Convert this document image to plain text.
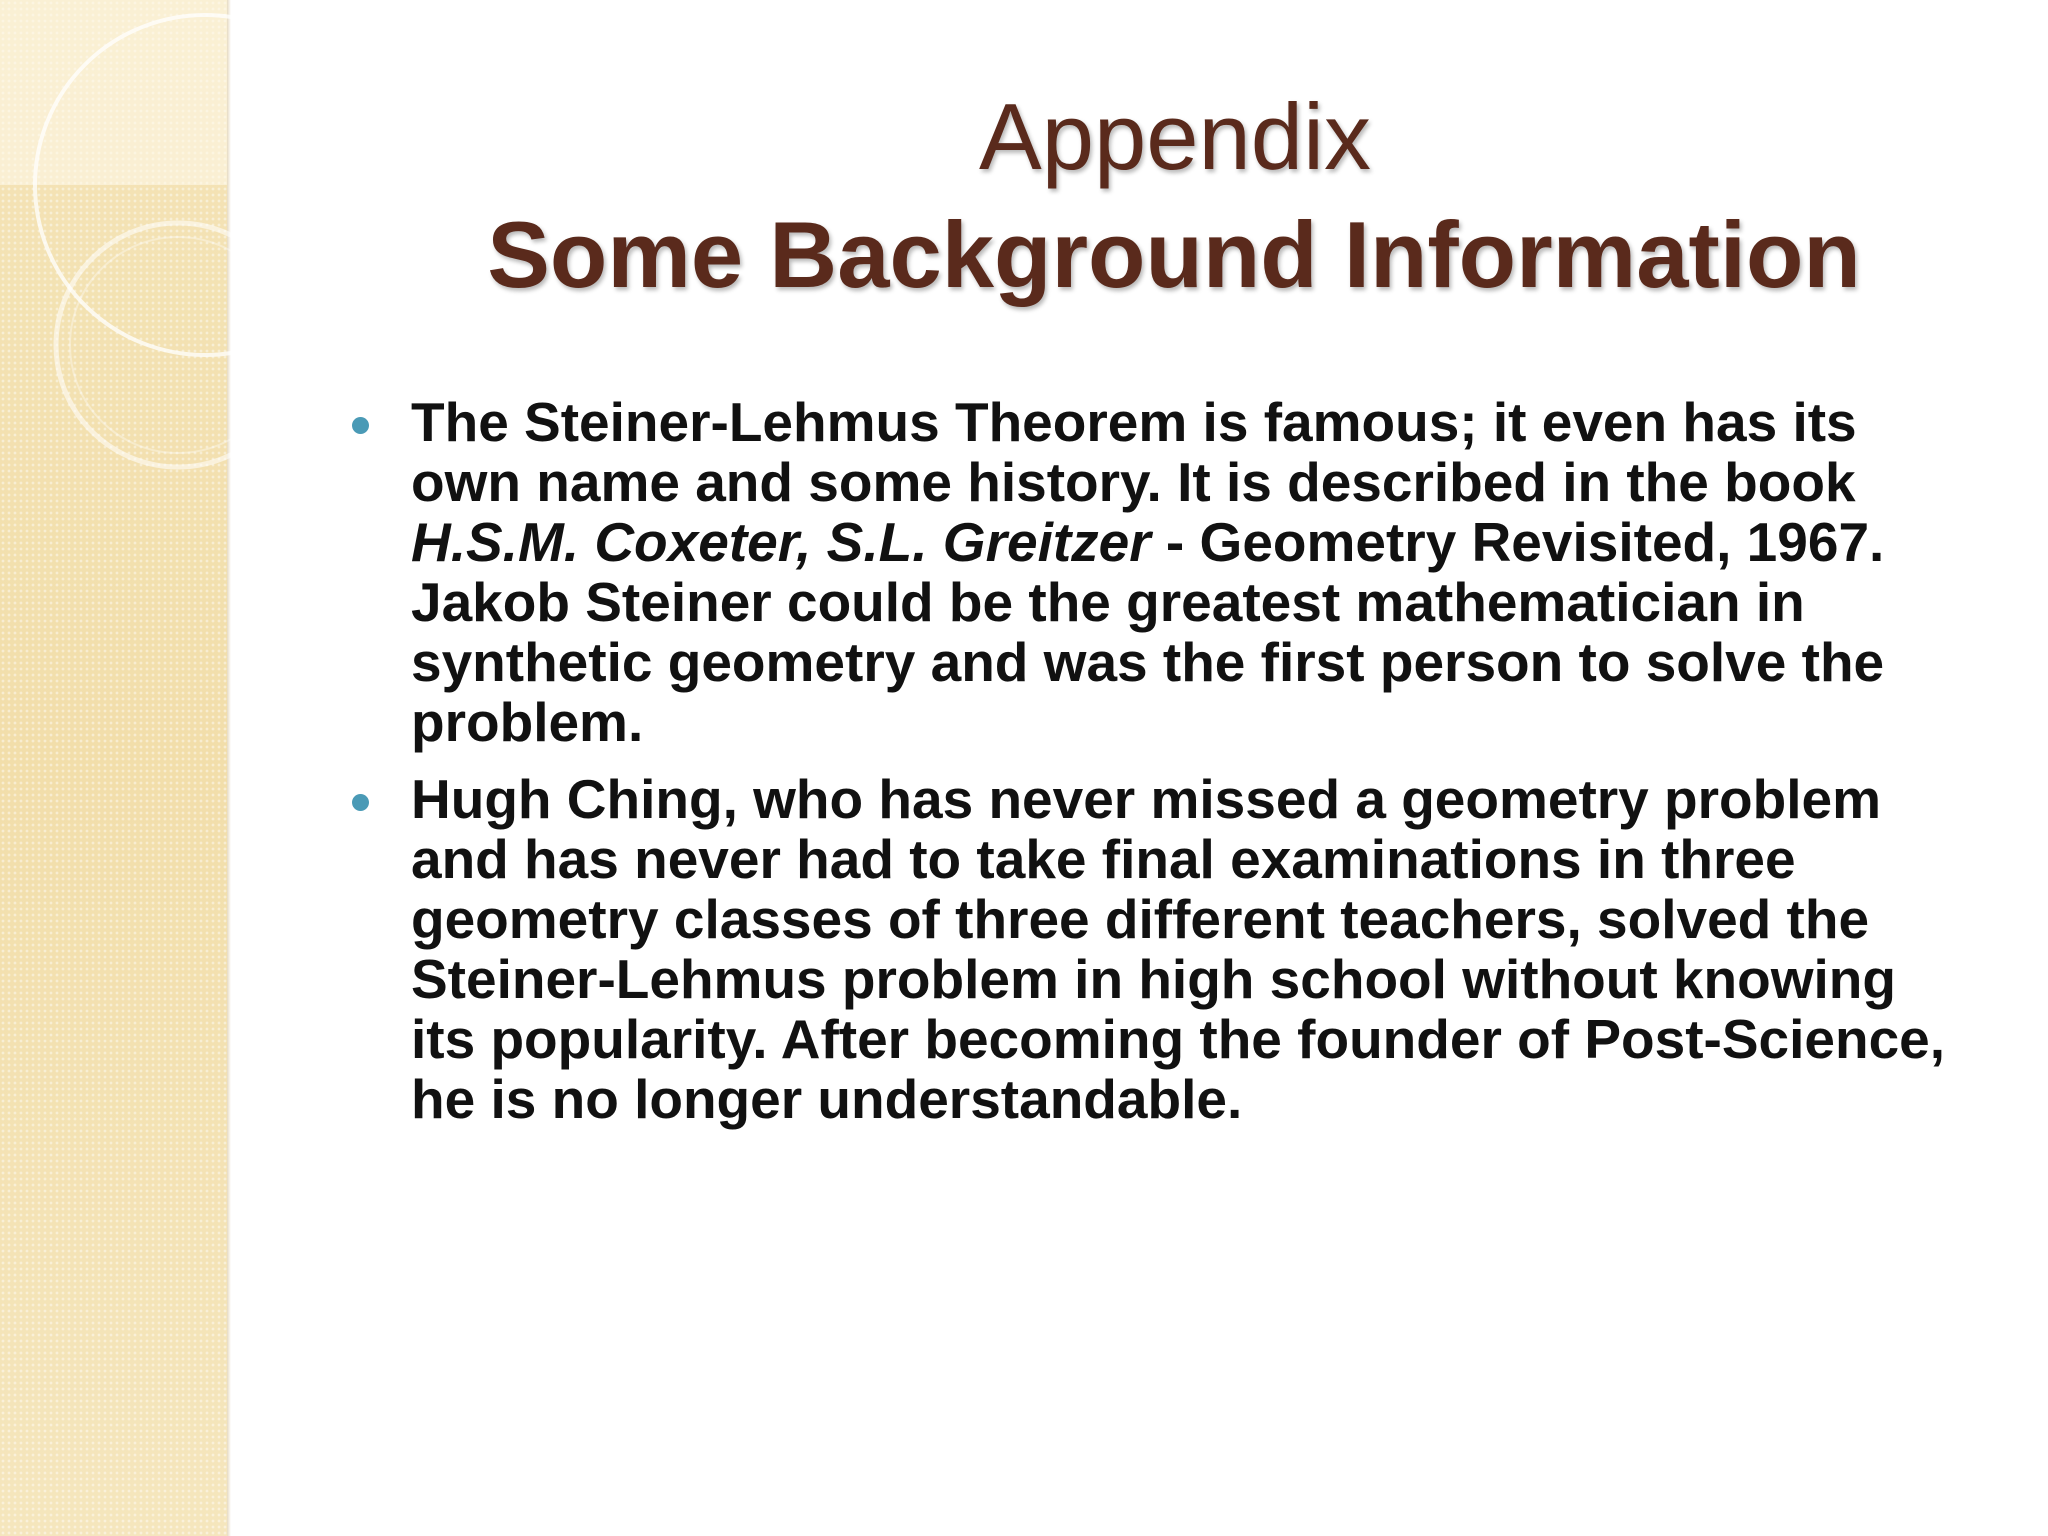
Appendix
Some Background Information
The Steiner-Lehmus Theorem is famous; it even has its own name and some history. It is described in the book H.S.M. Coxeter, S.L. Greitzer - Geometry Revisited, 1967. Jakob Steiner could be the greatest mathematician in synthetic geometry and was the first person to solve the problem.
Hugh Ching, who has never missed a geometry problem and has never had to take final examinations in three geometry classes of three different teachers, solved the Steiner-Lehmus problem in high school without knowing its popularity. After becoming the founder of Post-Science, he is no longer understandable.
